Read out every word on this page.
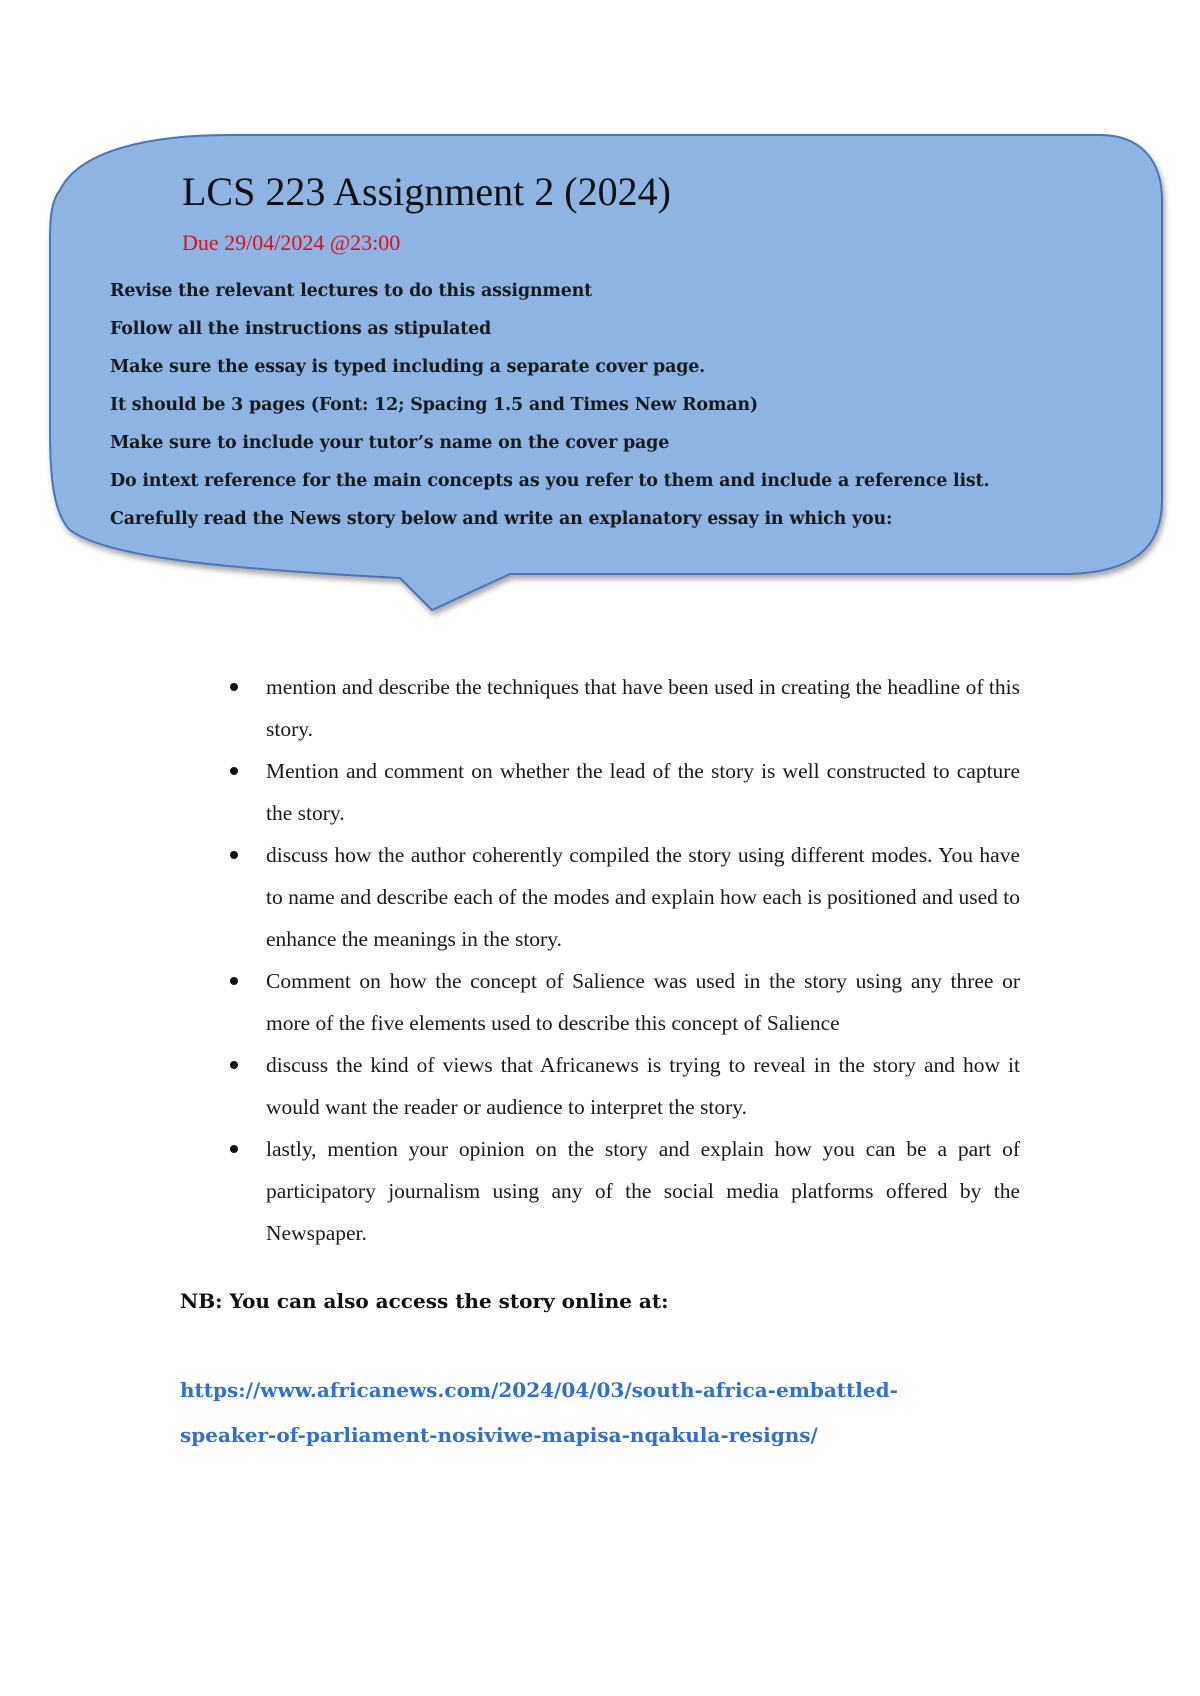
LCS 223 Assignment 2 (2024)
Due 29/04/2024 @23:00
Revise the relevant lectures to do this assignment
Follow all the instructions as stipulated
Make sure the essay is typed including a separate cover page.
It should be 3 pages (Font: 12; Spacing 1.5 and Times New Roman)
Make sure to include your tutor’s name on the cover page
Do intext reference for the main concepts as you refer to them and include a reference list.
Carefully read the News story below and write an explanatory essay in which you:
mention and describe the techniques that have been used in creating the headline of this story.
Mention and comment on whether the lead of the story is well constructed to capture the story.
discuss how the author coherently compiled the story using different modes. You have to name and describe each of the modes and explain how each is positioned and used to enhance the meanings in the story.
Comment on how the concept of Salience was used in the story using any three or more of the five elements used to describe this concept of Salience
discuss the kind of views that Africanews is trying to reveal in the story and how it would want the reader or audience to interpret the story.
lastly, mention your opinion on the story and explain how you can be a part of participatory journalism using any of the social media platforms offered by the Newspaper.
NB: You can also access the story online at:
https://www.africanews.com/2024/04/03/south-africa-embattled-
speaker-of-parliament-nosiviwe-mapisa-nqakula-resigns/
